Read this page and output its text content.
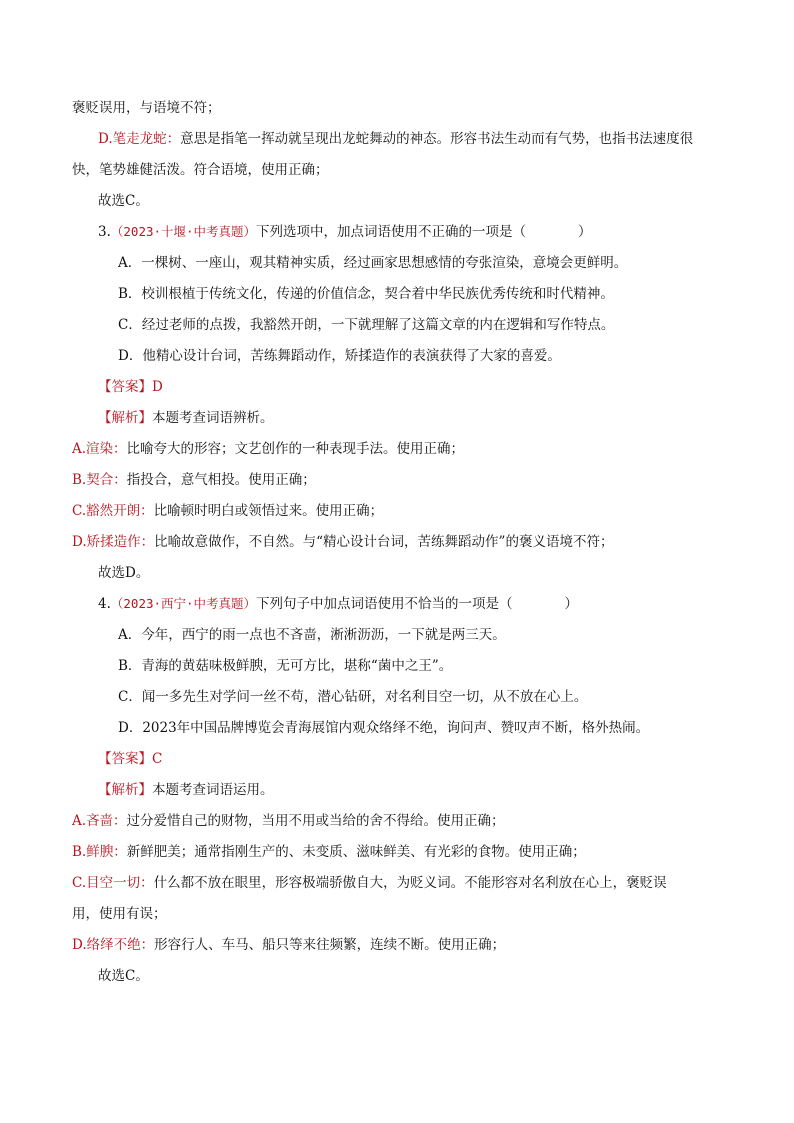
褒贬误用，与语境不符；

D.笔走龙蛇：意思是指笔一挥动就呈现出龙蛇舞动的神态。形容书法生动而有气势，也指书法速度很

快，笔势雄健活泼。符合语境，使用正确；

故选C。

3.（2023·十堰·中考真题）下列选项中，加点词语使用不正确的一项是（	）

A．一棵树、一座山，观其精神实质，经过画家思想感情的夸张渲染，意境会更鲜明。

B．校训根植于传统文化，传递的价值信念，契合着中华民族优秀传统和时代精神。

C．经过老师的点拨，我豁然开朗，一下就理解了这篇文章的内在逻辑和写作特点。

D．他精心设计台词，苦练舞蹈动作，矫揉造作的表演获得了大家的喜爱。

【答案】D

【解析】本题考查词语辨析。

A.渲染：比喻夸大的形容；文艺创作的一种表现手法。使用正确；

B.契合：指投合，意气相投。使用正确；

C.豁然开朗：比喻顿时明白或领悟过来。使用正确；

D.矫揉造作：比喻故意做作，不自然。与“精心设计台词，苦练舞蹈动作”的褒义语境不符；

故选D。

4.（2023·西宁·中考真题）下列句子中加点词语使用不恰当的一项是（	）

A．今年，西宁的雨一点也不吝啬，淅淅沥沥，一下就是两三天。

B．青海的黄菇味极鲜腴，无可方比，堪称“菌中之王”。

C．闻一多先生对学问一丝不苟，潜心钻研，对名利目空一切，从不放在心上。

D．2023年中国品牌博览会青海展馆内观众络绎不绝，询问声、赞叹声不断，格外热闹。

【答案】C

【解析】本题考查词语运用。

A.吝啬：过分爱惜自己的财物，当用不用或当给的舍不得给。使用正确；

B.鲜腴：新鲜肥美；通常指刚生产的、未变质、滋味鲜美、有光彩的食物。使用正确；

C.目空一切：什么都不放在眼里，形容极端骄傲自大，为贬义词。不能形容对名利放在心上，褒贬误

用，使用有误；

D.络绎不绝：形容行人、车马、船只等来往频繁，连续不断。使用正确；

故选C。
